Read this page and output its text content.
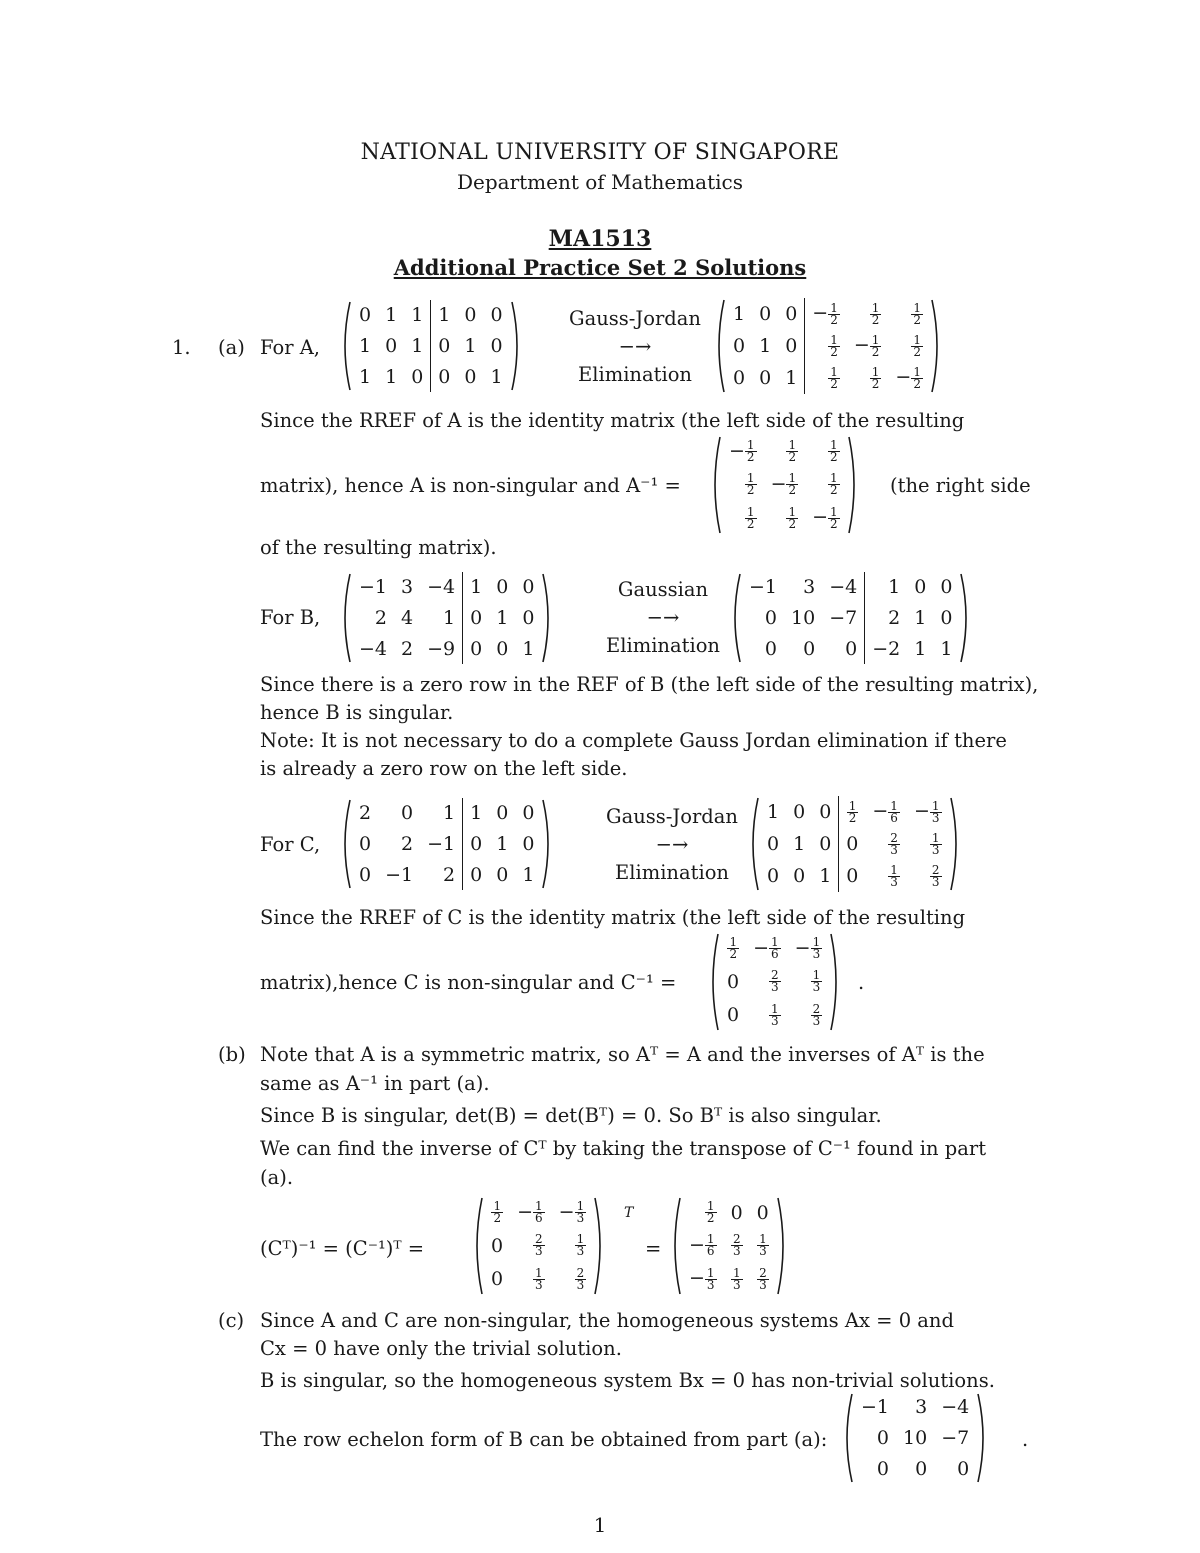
NATIONAL UNIVERSITY OF SINGAPORE
Department of Mathematics
MA1513
Additional Practice Set 2 Solutions
1. (a) For A,
0	1	1	1	0	0
1	0	1	0	1	0
1	1	0	0	0	1
Gauss-Jordan
−→
Elimination
1	0	0	− $\frac{1}{2}$	$\frac{1}{2}$	$\frac{1}{2}$

0	1	0	$\frac{1}{2}$	− $\frac{1}{2}$	$\frac{1}{2}$

0	0	1	$\frac{1}{2}$	$\frac{1}{2}$	− $\frac{1}{2}$
Since the RREF of A is the identity matrix (the left side of the resulting
matrix), hence A is non-singular and A⁻¹ =
− $\frac{1}{2}$	$\frac{1}{2}$	$\frac{1}{2}$

$\frac{1}{2}$	− $\frac{1}{2}$	$\frac{1}{2}$

$\frac{1}{2}$	$\frac{1}{2}$	− $\frac{1}{2}$
(the right side
of the resulting matrix).
For B,
−1	3	−4	1	0	0
2	4	1	0	1	0
−4	2	−9	0	0	1
Gaussian
−→
Elimination
−1	3	−4	1	0	0
0	10	−7	2	1	0
0	0	0	−2	1	1
Since there is a zero row in the REF of B (the left side of the resulting matrix),
hence B is singular.
Note: It is not necessary to do a complete Gauss Jordan elimination if there
is already a zero row on the left side.
For C,
2	0	1	1	0	0
0	2	−1	0	1	0
0	−1	2	0	0	1
Gauss-Jordan
−→
Elimination
1	0	0	$\frac{1}{2}$	− $\frac{1}{6}$	− $\frac{1}{3}$

0	1	0	0	$\frac{2}{3}$	$\frac{1}{3}$

0	0	1	0	$\frac{1}{3}$	$\frac{2}{3}$
Since the RREF of C is the identity matrix (the left side of the resulting
matrix),hence C is non-singular and C⁻¹ =
$\frac{1}{2}$	− $\frac{1}{6}$	− $\frac{1}{3}$

0	$\frac{2}{3}$	$\frac{1}{3}$

0	$\frac{1}{3}$	$\frac{2}{3}$
.
(b) Note that A is a symmetric matrix, so Aᵀ = A and the inverses of Aᵀ is the
same as A⁻¹ in part (a).
Since B is singular, det(B) = det(Bᵀ) = 0. So Bᵀ is also singular.
We can find the inverse of Cᵀ by taking the transpose of C⁻¹ found in part
(a).
(Cᵀ)⁻¹ = (C⁻¹)ᵀ =
$\frac{1}{2}$	− $\frac{1}{6}$	− $\frac{1}{3}$

0	$\frac{2}{3}$	$\frac{1}{3}$

0	$\frac{1}{3}$	$\frac{2}{3}$
T
=
$\frac{1}{2}$	0	0
− $\frac{1}{6}$	$\frac{2}{3}$	$\frac{1}{3}$

− $\frac{1}{3}$	$\frac{1}{3}$	$\frac{2}{3}$
(c) Since A and C are non-singular, the homogeneous systems Ax = 0 and
Cx = 0 have only the trivial solution.
B is singular, so the homogeneous system Bx = 0 has non-trivial solutions.
The row echelon form of B can be obtained from part (a):
−1	3	−4
0	10	−7
0	0	0
.
1
